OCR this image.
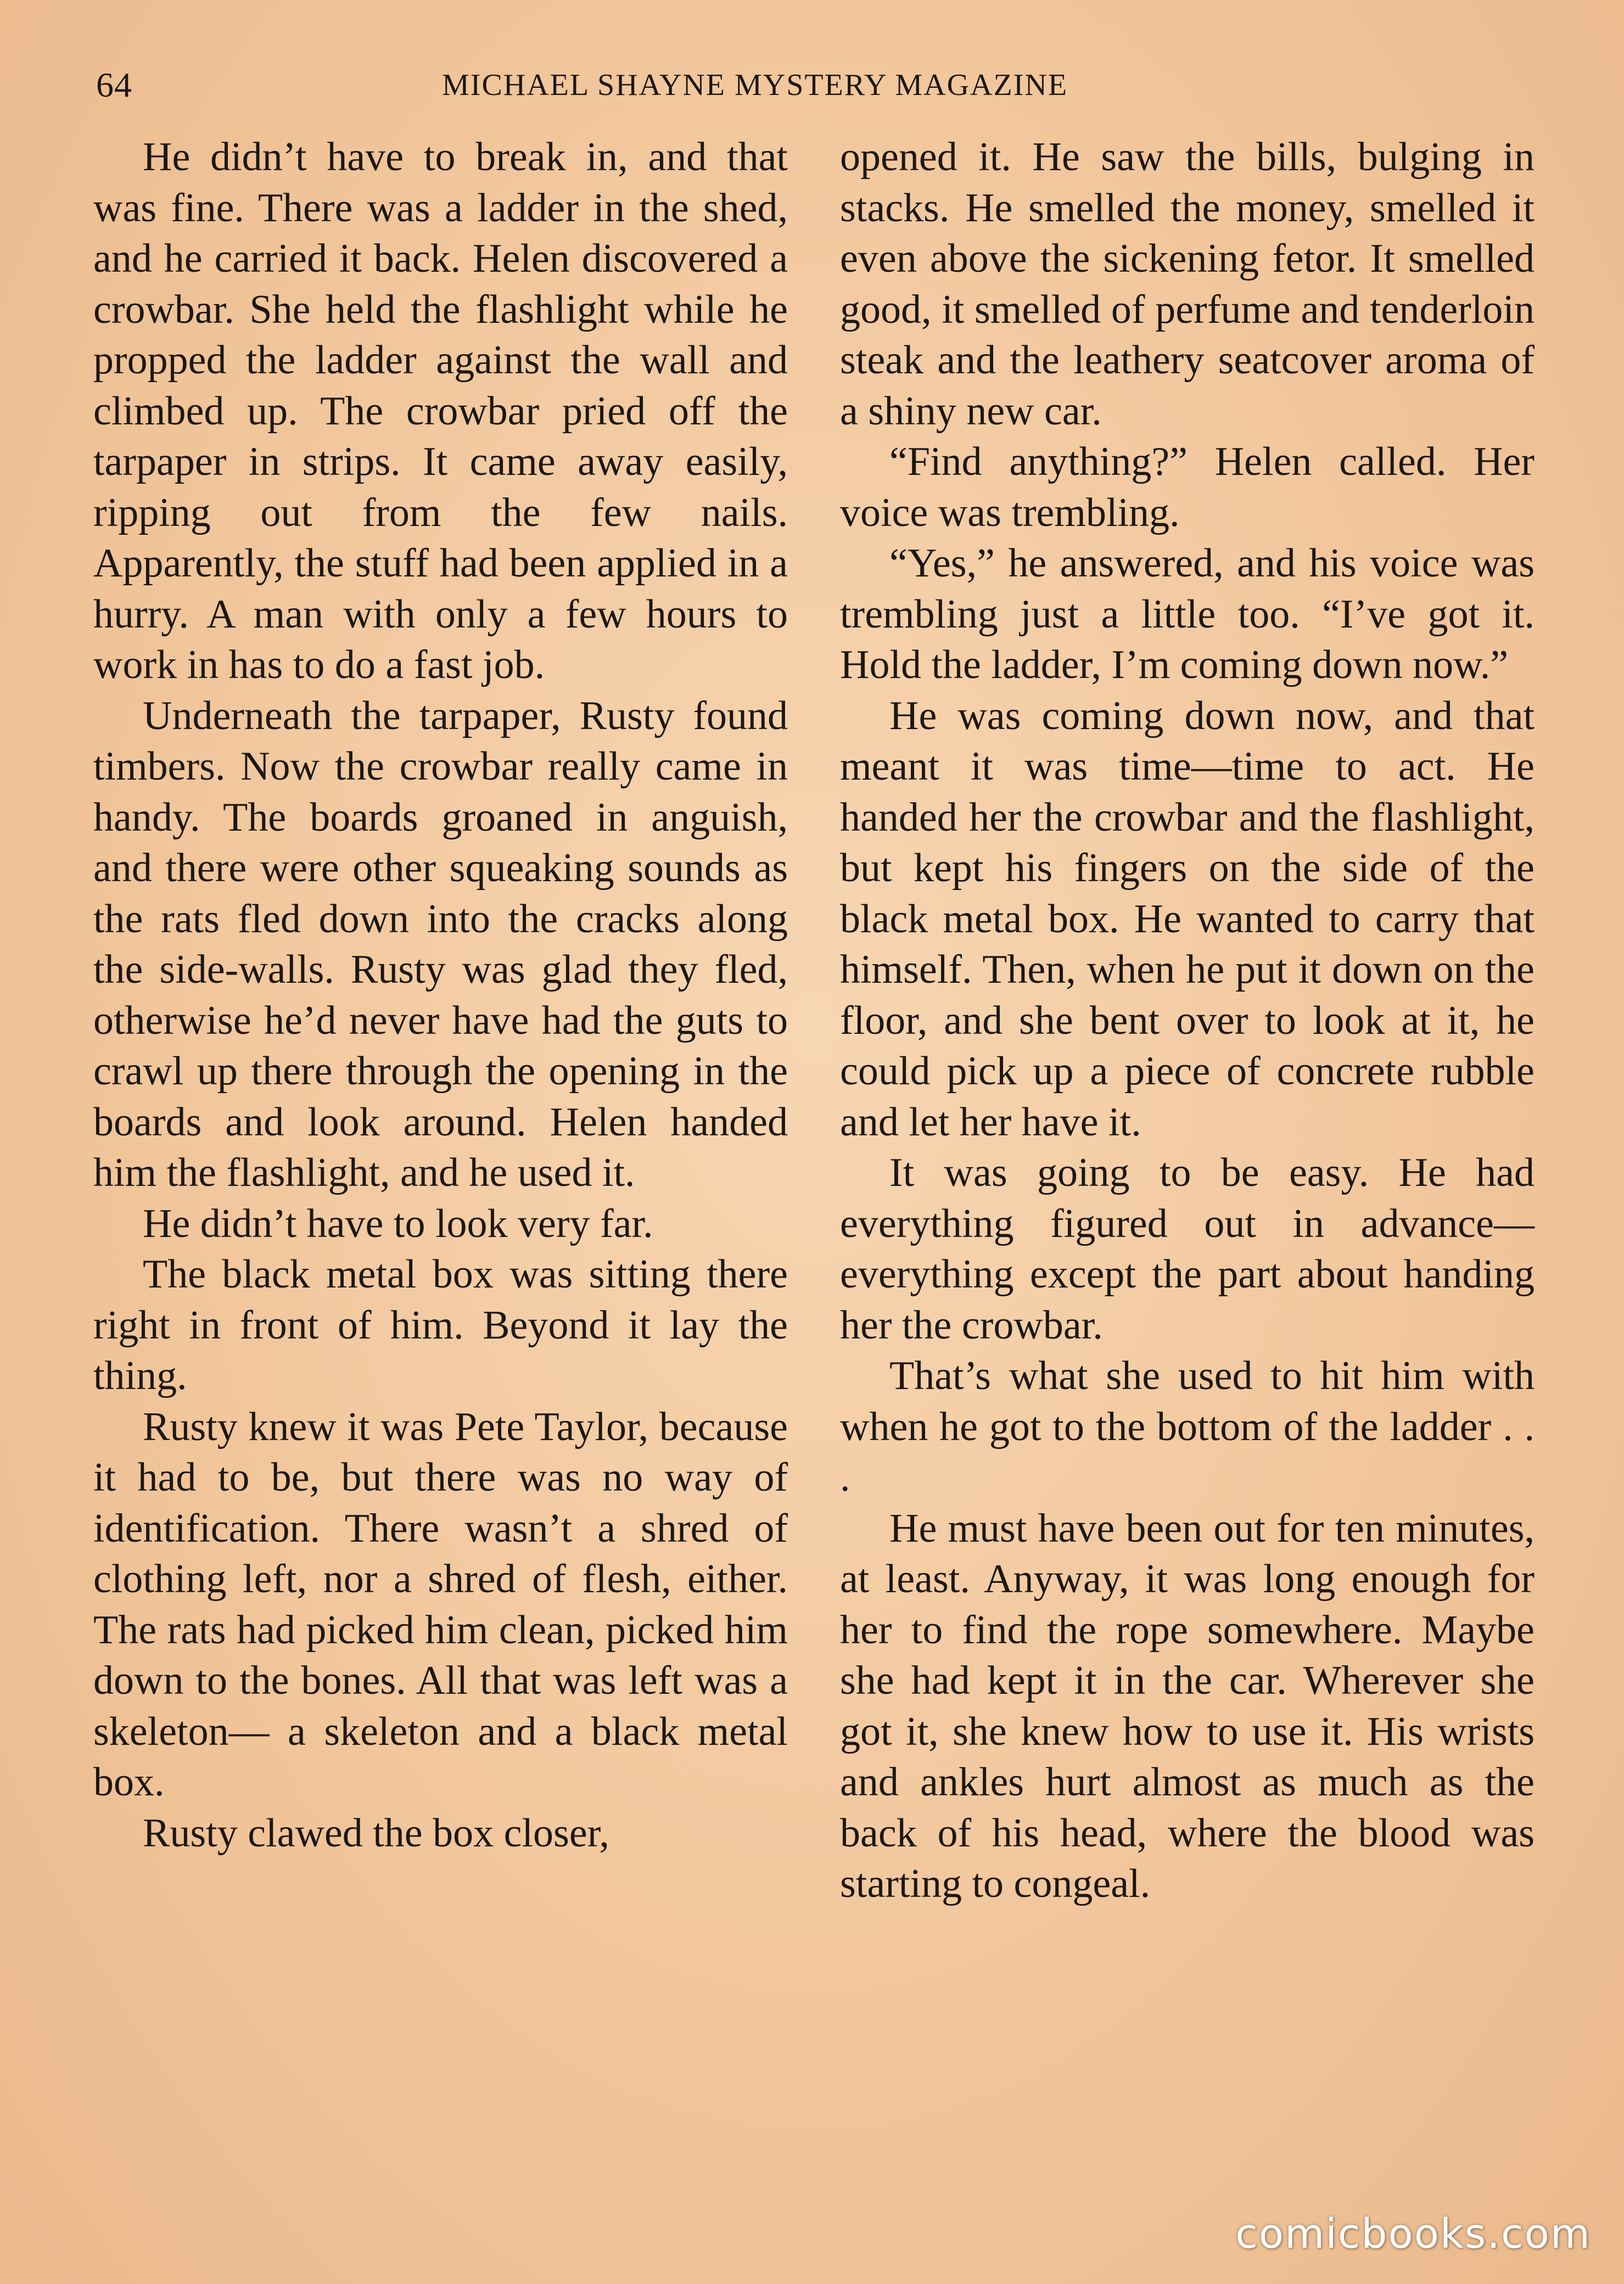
64	MICHAEL SHAYNE MYSTERY MAGAZINE

He didn’t have to break in, and that was fine. There was a ladder in the shed, and he carried it back. Helen discovered a crowbar. She held the flashlight while he propped the ladder against the wall and climbed up. The crowbar pried off the tarpaper in strips. It came away easily, ripping out from the few nails. Apparently, the stuff had been applied in a hurry. A man with only a few hours to work in has to do a fast job.

Underneath the tarpaper, Rusty found timbers. Now the crowbar really came in handy. The boards groaned in anguish, and there were other squeaking sounds as the rats fled down into the cracks along the side-walls. Rusty was glad they fled, otherwise he’d never have had the guts to crawl up there through the opening in the boards and look around. Helen handed him the flashlight, and he used it.

He didn’t have to look very far.

The black metal box was sitting there right in front of him. Beyond it lay the thing.

Rusty knew it was Pete Taylor, because it had to be, but there was no way of identification. There wasn’t a shred of clothing left, nor a shred of flesh, either. The rats had picked him clean, picked him down to the bones. All that was left was a skeleton— a skeleton and a black metal box.

Rusty clawed the box closer,

opened it. He saw the bills, bulging in stacks. He smelled the money, smelled it even above the sickening fetor. It smelled good, it smelled of perfume and tenderloin steak and the leathery seatcover aroma of a shiny new car.

“Find anything?” Helen called. Her voice was trembling.

“Yes,” he answered, and his voice was trembling just a little too. “I’ve got it. Hold the ladder, I’m coming down now.”

He was coming down now, and that meant it was time—time to act. He handed her the crowbar and the flashlight, but kept his fingers on the side of the black metal box. He wanted to carry that himself. Then, when he put it down on the floor, and she bent over to look at it, he could pick up a piece of concrete rubble and let her have it.

It was going to be easy. He had everything figured out in advance—everything except the part about handing her the crowbar.

That’s what she used to hit him with when he got to the bottom of the ladder . . .

He must have been out for ten minutes, at least. Anyway, it was long enough for her to find the rope somewhere. Maybe she had kept it in the car. Wherever she got it, she knew how to use it. His wrists and ankles hurt almost as much as the back of his head, where the blood was starting to congeal.

comicbooks.com
